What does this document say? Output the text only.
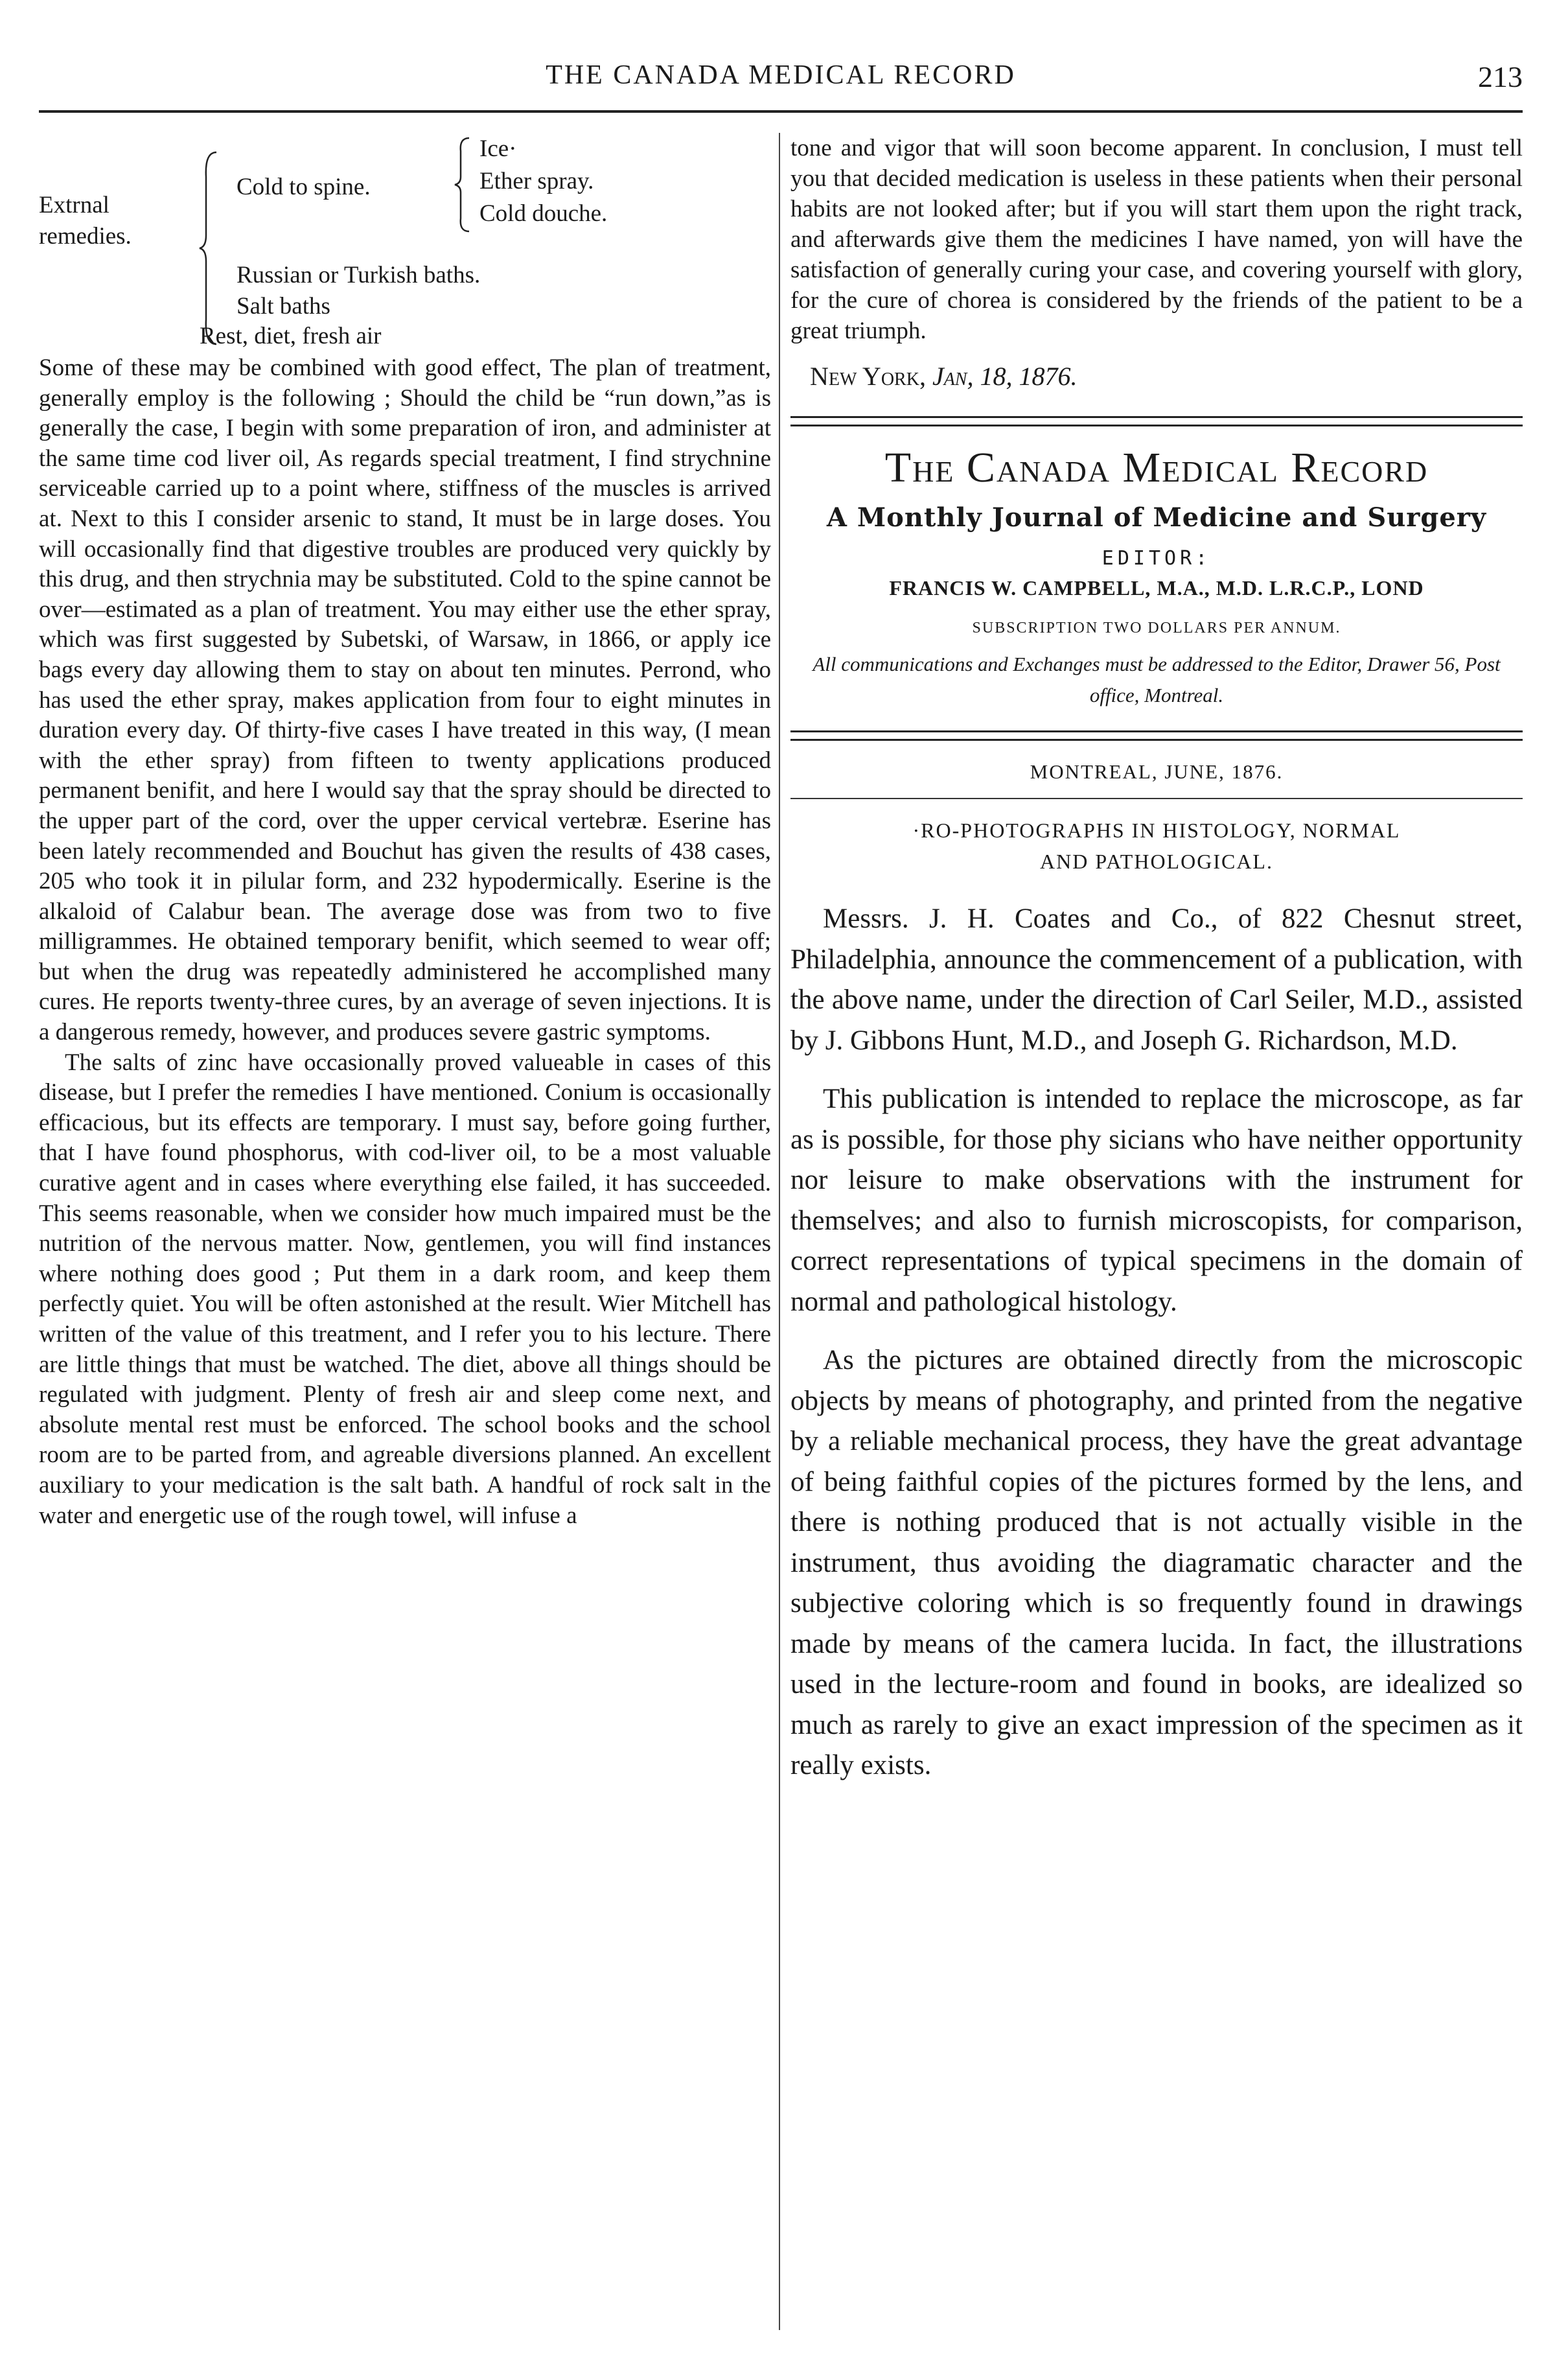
THE CANADA MEDICAL RECORD	213
Extrnal
remedies.
Cold to spine.
Ice·
Ether spray.
Cold douche.
Russian or Turkish baths.
Salt baths
Rest, diet, fresh air

Some of these may be combined with good effect, The plan of treatment, generally employ is the following ; Should the child be “run down,”as is generally the case, I begin with some preparation of iron, and administer at the same time cod liver oil, As regards special treatment, I find strychnine serviceable carried up to a point where, stiffness of the muscles is arrived at. Next to this I consider arsenic to stand, It must be in large doses. You will occasionally find that digestive troubles are produced very quickly by this drug, and then strychnia may be substituted. Cold to the spine cannot be over—estimated as a plan of treatment. You may either use the ether spray, which was first suggested by Subetski, of Warsaw, in 1866, or apply ice bags every day allowing them to stay on about ten minutes. Perrond, who has used the ether spray, makes application from four to eight minutes in duration every day. Of thirty-five cases I have treated in this way, (I mean with the ether spray) from fifteen to twenty applications produced permanent benifit, and here I would say that the spray should be directed to the upper part of the cord, over the upper cervical vertebræ. Eserine has been lately recommended and Bouchut has given the results of 438 cases, 205 who took it in pilular form, and 232 hypodermically. Eserine is the alkaloid of Calabur bean. The average dose was from two to five milligrammes. He obtained temporary benifit, which seemed to wear off; but when the drug was repeatedly administered he accomplished many cures. He reports twenty-three cures, by an average of seven injections. It is a dangerous remedy, however, and produces severe gastric symptoms.

The salts of zinc have occasionally proved valueable in cases of this disease, but I prefer the remedies I have mentioned. Conium is occasionally efficacious, but its effects are temporary. I must say, before going further, that I have found phosphorus, with cod-liver oil, to be a most valuable curative agent and in cases where everything else failed, it has succeeded. This seems reasonable, when we consider how much impaired must be the nutrition of the nervous matter. Now, gentlemen, you will find instances where nothing does good ; Put them in a dark room, and keep them perfectly quiet. You will be often astonished at the result. Wier Mitchell has written of the value of this treatment, and I refer you to his lecture. There are little things that must be watched. The diet, above all things should be regulated with judgment. Plenty of fresh air and sleep come next, and absolute mental rest must be enforced. The school books and the school room are to be parted from, and agreable diversions planned. An excellent auxiliary to your medication is the salt bath. A handful of rock salt in the water and energetic use of the rough towel, will infuse a

tone and vigor that will soon become apparent. In conclusion, I must tell you that decided medication is useless in these patients when their personal habits are not looked after; but if you will start them upon the right track, and afterwards give them the medicines I have named, yon will have the satisfaction of generally curing your case, and covering yourself with glory, for the cure of chorea is considered by the friends of the patient to be a great triumph.

New York, Jan, 18, 1876.
The Canada Medical Record
A Monthly Journal of Medicine and Surgery
EDITOR:
FRANCIS W. CAMPBELL, M.A., M.D. L.R.C.P., LOND
SUBSCRIPTION TWO DOLLARS PER ANNUM.
All communications and Exchanges must be addressed to the Editor, Drawer 56, Post office, Montreal.
MONTREAL, JUNE, 1876.
·RO-PHOTOGRAPHS IN HISTOLOGY, NORMAL
AND PATHOLOGICAL.

Messrs. J. H. Coates and Co., of 822 Chesnut street, Philadelphia, announce the commencement of a publication, with the above name, under the direction of Carl Seiler, M.D., assisted by J. Gibbons Hunt, M.D., and Joseph G. Richardson, M.D.

This publication is intended to replace the microscope, as far as is possible, for those phy sicians who have neither opportunity nor leisure to make observations with the instrument for themselves; and also to furnish microscopists, for comparison, correct representations of typical specimens in the domain of normal and pathological histology.

As the pictures are obtained directly from the microscopic objects by means of photography, and printed from the negative by a reliable mechanical process, they have the great advantage of being faithful copies of the pictures formed by the lens, and there is nothing produced that is not actually visible in the instrument, thus avoiding the diagramatic character and the subjective coloring which is so frequently found in drawings made by means of the camera lucida. In fact, the illustrations used in the lecture-room and found in books, are idealized so much as rarely to give an exact impression of the specimen as it really exists.
